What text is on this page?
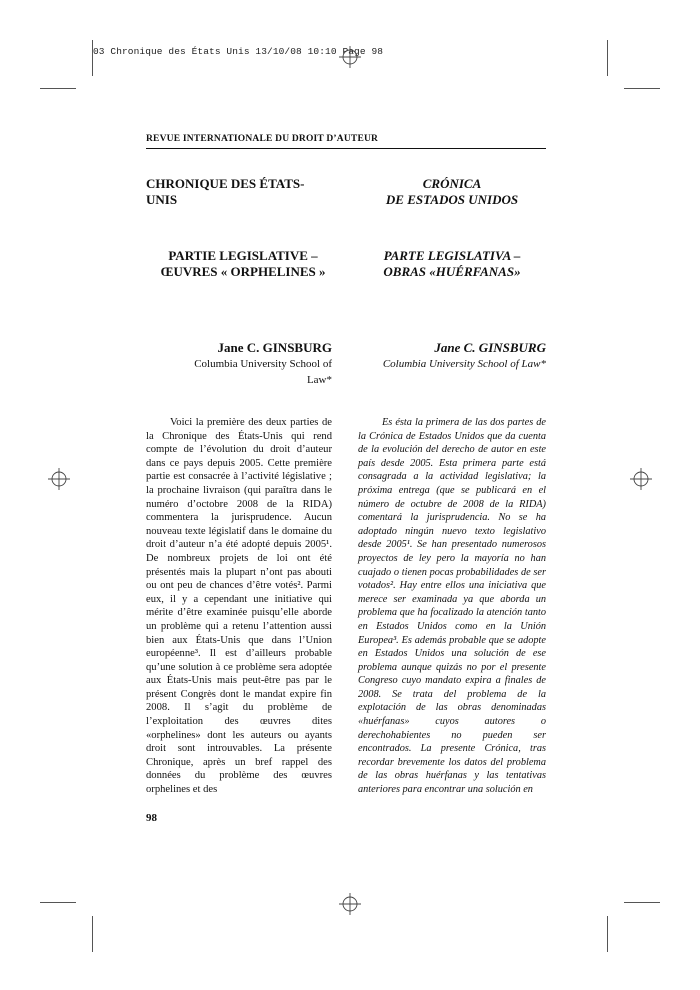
03 Chronique des États Unis 13/10/08 10:10 Page 98
REVUE INTERNATIONALE DU DROIT D’AUTEUR
CHRONIQUE DES ÉTATS-UNIS
PARTIE LEGISLATIVE –
ŒUVRES « ORPHELINES »
Jane C. GINSBURG
Columbia University School of Law*

Voici la première des deux parties de la Chronique des États-Unis qui rend compte de l’évolution du droit d’auteur dans ce pays depuis 2005. Cette première partie est consacrée à l’activité législative ; la prochaine livraison (qui paraîtra dans le numéro d’octobre 2008 de la RIDA) commentera la jurisprudence. Aucun nouveau texte législatif dans le domaine du droit d’auteur n’a été adopté depuis 2005¹. De nombreux projets de loi ont été présentés mais la plupart n’ont pas abouti ou ont peu de chances d’être votés². Parmi eux, il y a cependant une initiative qui mérite d’être examinée puisqu’elle aborde un problème qui a retenu l’attention aussi bien aux États-Unis que dans l’Union européenne³. Il est d’ailleurs probable qu’une solution à ce problème sera adoptée aux États-Unis mais peut-être pas par le présent Congrès dont le mandat expire fin 2008. Il s’agit du problème de l’exploitation des œuvres dites «orphelines» dont les auteurs ou ayants droit sont introuvables. La présente Chronique, après un bref rappel des données du problème des œuvres orphelines et des

CRÓNICA
DE ESTADOS UNIDOS
PARTE LEGISLATIVA –
OBRAS «HUÉRFANAS»
Jane C. GINSBURG
Columbia University School of Law*

Es ésta la primera de las dos partes de la Crónica de Estados Unidos que da cuenta de la evolución del derecho de autor en este país desde 2005. Esta primera parte está consagrada a la actividad legislativa; la próxima entrega (que se publicará en el número de octubre de 2008 de la RIDA) comentará la jurisprudencia. No se ha adoptado ningún nuevo texto legislativo desde 2005¹. Se han presentado numerosos proyectos de ley pero la mayoría no han cuajado o tienen pocas probabilidades de ser votados². Hay entre ellos una iniciativa que merece ser examinada ya que aborda un problema que ha focalizado la atención tanto en Estados Unidos como en la Unión Europea³. Es además probable que se adopte en Estados Unidos una solución de ese problema aunque quizás no por el presente Congreso cuyo mandato expira a finales de 2008. Se trata del problema de la explotación de las obras denominadas «huérfanas» cuyos autores o derechohabientes no pueden ser encontrados. La presente Crónica, tras recordar brevemente los datos del problema de las obras huérfanas y las tentativas anteriores para encontrar una solución en

98
